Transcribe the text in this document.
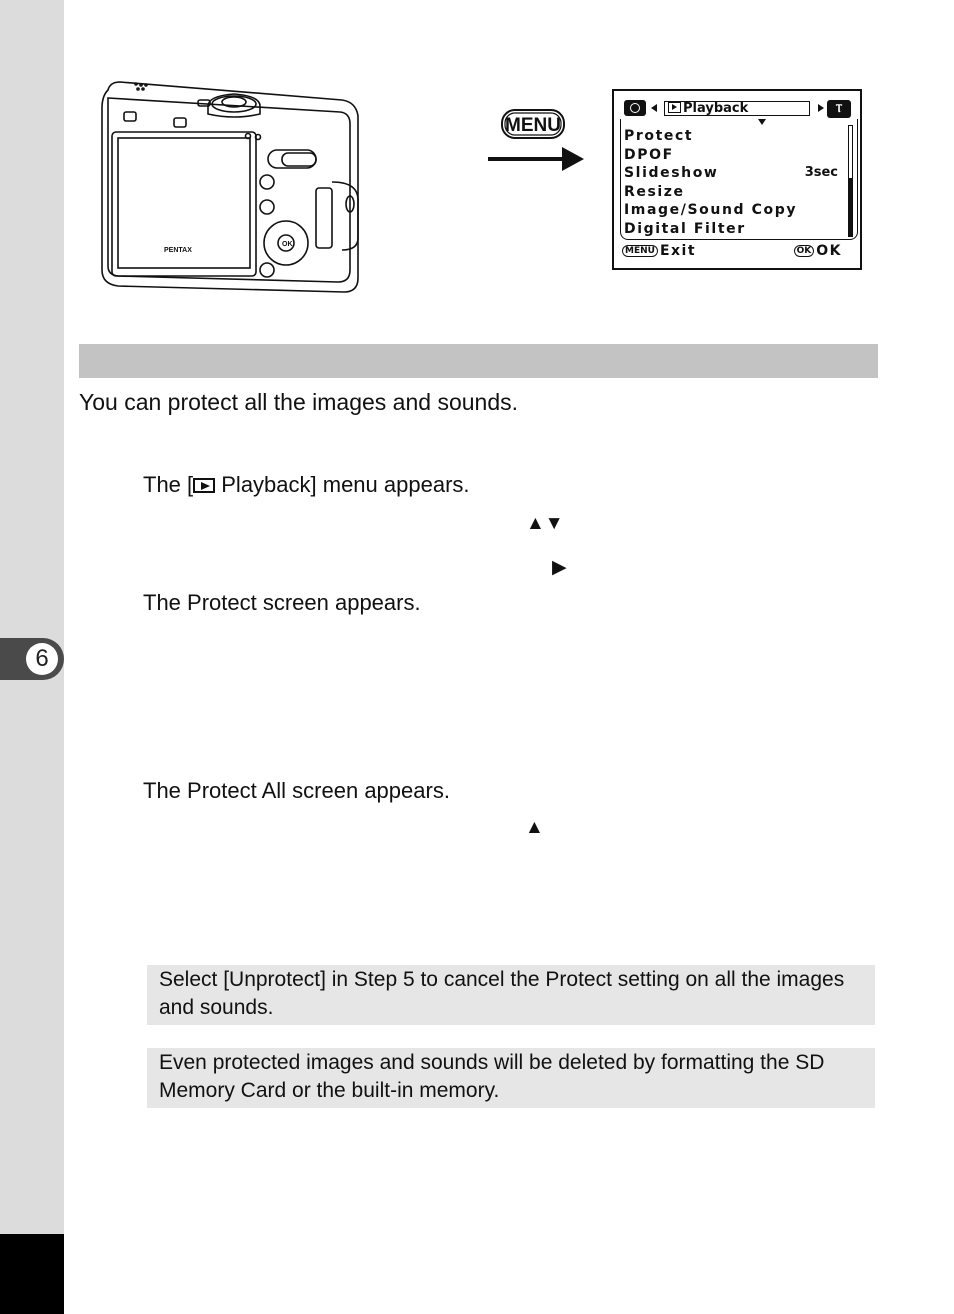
6
OK
PENTAX
MENU
Playback	Ⲧ
Protect
DPOF
Slideshow	3sec
Resize
Image/Sound Copy
Digital Filter
MENU Exit	OK OK
You can protect all the images and sounds.
The [ Playback] menu appears.
▲▼
▶
The Protect screen appears.
The Protect All screen appears.
▲
Select [Unprotect] in Step 5 to cancel the Protect setting on all the images and sounds.
Even protected images and sounds will be deleted by formatting the SD Memory Card or the built-in memory.
